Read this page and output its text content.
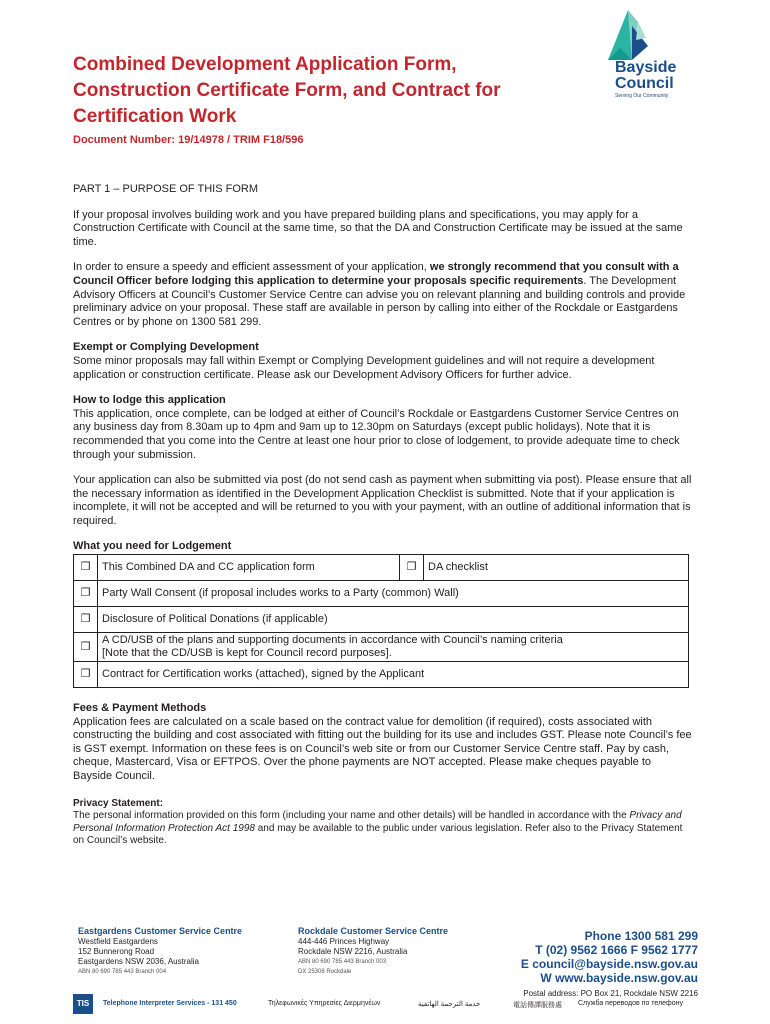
Combined Development Application Form,
Construction Certificate Form, and Contract for
Certification Work
Document Number: 19/14978 / TRIM F18/596
Bayside
Council
Serving Our Community

PART 1 – PURPOSE OF THIS FORM

If your proposal involves building work and you have prepared building plans and specifications, you may apply for a Construction Certificate with Council at the same time, so that the DA and Construction Certificate may be issued at the same time.

In order to ensure a speedy and efficient assessment of your application, we strongly recommend that you consult with a Council Officer before lodging this application to determine your proposals specific requirements. The Development Advisory Officers at Council’s Customer Service Centre can advise you on relevant planning and building controls and provide preliminary advice on your proposal. These staff are available in person by calling into either of the Rockdale or Eastgardens Centres or by phone on 1300 581 299.

Exempt or Complying Development
Some minor proposals may fall within Exempt or Complying Development guidelines and will not require a development application or construction certificate. Please ask our Development Advisory Officers for further advice.
How to lodge this application
This application, once complete, can be lodged at either of Council’s Rockdale or Eastgardens Customer Service Centres on any business day from 8.30am up to 4pm and 9am up to 12.30pm on Saturdays (except public holidays). Note that it is recommended that you come into the Centre at least one hour prior to close of lodgement, to provide adequate time to check through your submission.

Your application can also be submitted via post (do not send cash as payment when submitting via post). Please ensure that all the necessary information as identified in the Development Application Checklist is submitted. Note that if your application is incomplete, it will not be accepted and will be returned to you with your payment, with an outline of additional information that is required.

What you need for Lodgement
❐	This Combined DA and CC application form	❐	DA checklist
❐	Party Wall Consent (if proposal includes works to a Party (common) Wall)		
❐	Disclosure of Political Donations (if applicable)		
❐	A CD/USB of the plans and supporting documents in accordance with Council’s naming criteria
[Note that the CD/USB is kept for Council record purposes].		

❐	Contract for Certification works (attached), signed by the Applicant		
Fees & Payment Methods
Application fees are calculated on a scale based on the contract value for demolition (if required), costs associated with constructing the building and cost associated with fitting out the building for its use and includes GST. Please note Council’s fee is GST exempt. Information on these fees is on Council’s web site or from our Customer Service Centre staff. Pay by cash, cheque, Mastercard, Visa or EFTPOS. Over the phone payments are NOT accepted. Please make cheques payable to Bayside Council.
Privacy Statement:
The personal information provided on this form (including your name and other details) will be handled in accordance with the Privacy and Personal Information Protection Act 1998 and may be available to the public under various legislation. Refer also to the Privacy Statement on Council’s website.
Eastgardens Customer Service Centre
Westfield Eastgardens
152 Bunnerong Road
Eastgardens NSW 2036, Australia
ABN 80 690 785 443 Branch 004
Rockdale Customer Service Centre
444-446 Princes Highway
Rockdale NSW 2216, Australia
ABN 80 690 785 443 Branch 003
DX 25308 Rockdale
Phone 1300 581 299
T (02) 9562 1666 F 9562 1777
E council@bayside.nsw.gov.au
W www.bayside.nsw.gov.au
Postal address: PO Box 21, Rockdale NSW 2216
TIS	Telephone Interpreter Services - 131 450	Τηλεφωνικές Υπηρεσίες Διερμηνέων	خدمة الترجمة الهاتفية	電話傳譯服務處 Служба переводов по телефону
